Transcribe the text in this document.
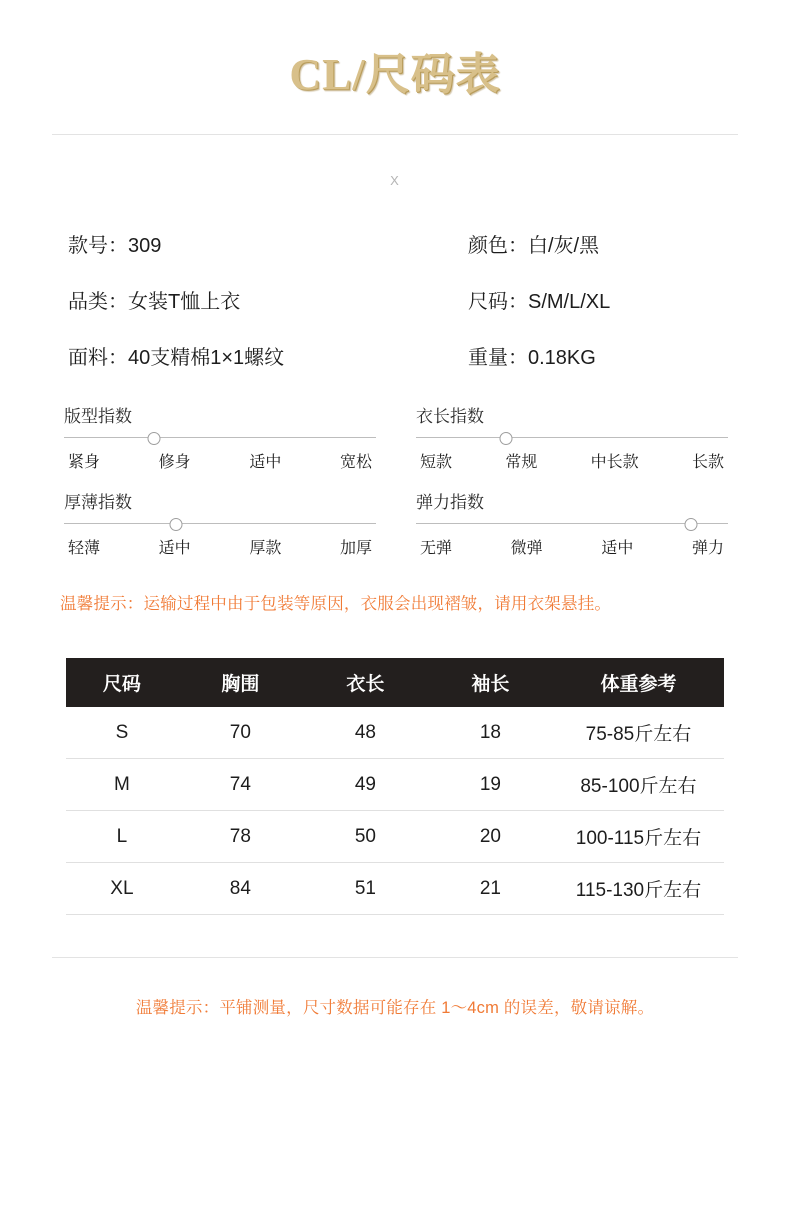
CL/尺码表
X
款号：309	颜色：白/灰/黑
品类：女装T恤上衣	尺码：S/M/L/XL
面料：40支精棉1×1螺纹	重量：0.18KG
版型指数
紧身	修身	适中	宽松
衣长指数
短款	常规	中长款	长款
厚薄指数
轻薄	适中	厚款	加厚
弹力指数
无弹	微弹	适中	弹力
温馨提示：运输过程中由于包装等原因，衣服会出现褶皱，请用衣架悬挂。
尺码	胸围	衣长	袖长	体重参考
S	70	48	18	75-85斤左右
M	74	49	19	85-100斤左右
L	78	50	20	100-115斤左右
XL	84	51	21	115-130斤左右
温馨提示：平铺测量，尺寸数据可能存在 1～4cm 的误差，敬请谅解。
